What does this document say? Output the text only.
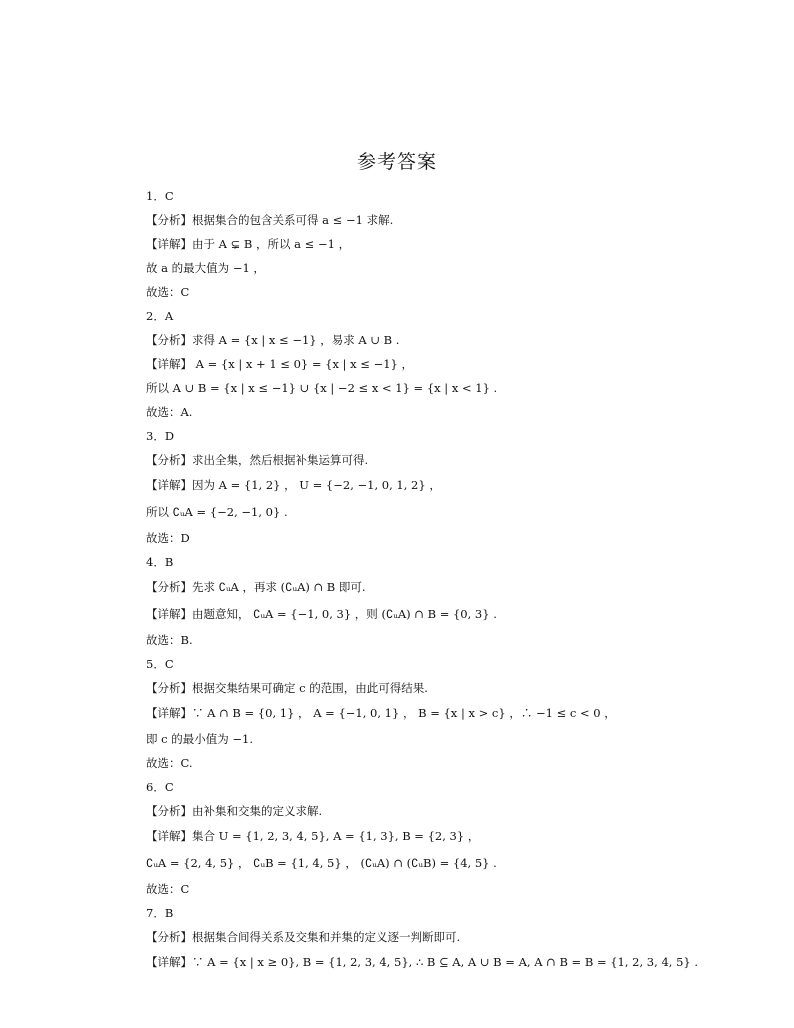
参考答案
1．C
【分析】根据集合的包含关系可得 a ≤ −1 求解.
【详解】由于 A ⊊ B ，所以 a ≤ −1 ，
故 a 的最大值为 −1 ，
故选：C
2．A
【分析】求得 A = {x | x ≤ −1} ，易求 A ∪ B .
【详解】 A = {x | x + 1 ≤ 0} = {x | x ≤ −1} ，
所以 A ∪ B = {x | x ≤ −1} ∪ {x | −2 ≤ x < 1} = {x | x < 1} .
故选：A.
3．D
【分析】求出全集，然后根据补集运算可得.
【详解】因为 A = {1, 2} ， U = {−2, −1, 0, 1, 2} ，
所以 ∁ᵤA = {−2, −1, 0} .
故选：D
4．B
【分析】先求 ∁ᵤA ，再求 (∁ᵤA) ∩ B 即可.
【详解】由题意知， ∁ᵤA = {−1, 0, 3} ，则 (∁ᵤA) ∩ B = {0, 3} .
故选：B.
5．C
【分析】根据交集结果可确定 c 的范围，由此可得结果.
【详解】∵ A ∩ B = {0, 1} ， A = {−1, 0, 1} ， B = {x | x > c} ，∴ −1 ≤ c < 0 ，
即 c 的最小值为 −1.
故选：C.
6．C
【分析】由补集和交集的定义求解.
【详解】集合 U = {1, 2, 3, 4, 5}, A = {1, 3}, B = {2, 3} ，
∁ᵤA = {2, 4, 5} ， ∁ᵤB = {1, 4, 5} ， (∁ᵤA) ∩ (∁ᵤB) = {4, 5} .
故选：C
7．B
【分析】根据集合间得关系及交集和并集的定义逐一判断即可.
【详解】∵ A = {x | x ≥ 0}, B = {1, 2, 3, 4, 5}, ∴ B ⊆ A, A ∪ B = A, A ∩ B = B = {1, 2, 3, 4, 5} .
